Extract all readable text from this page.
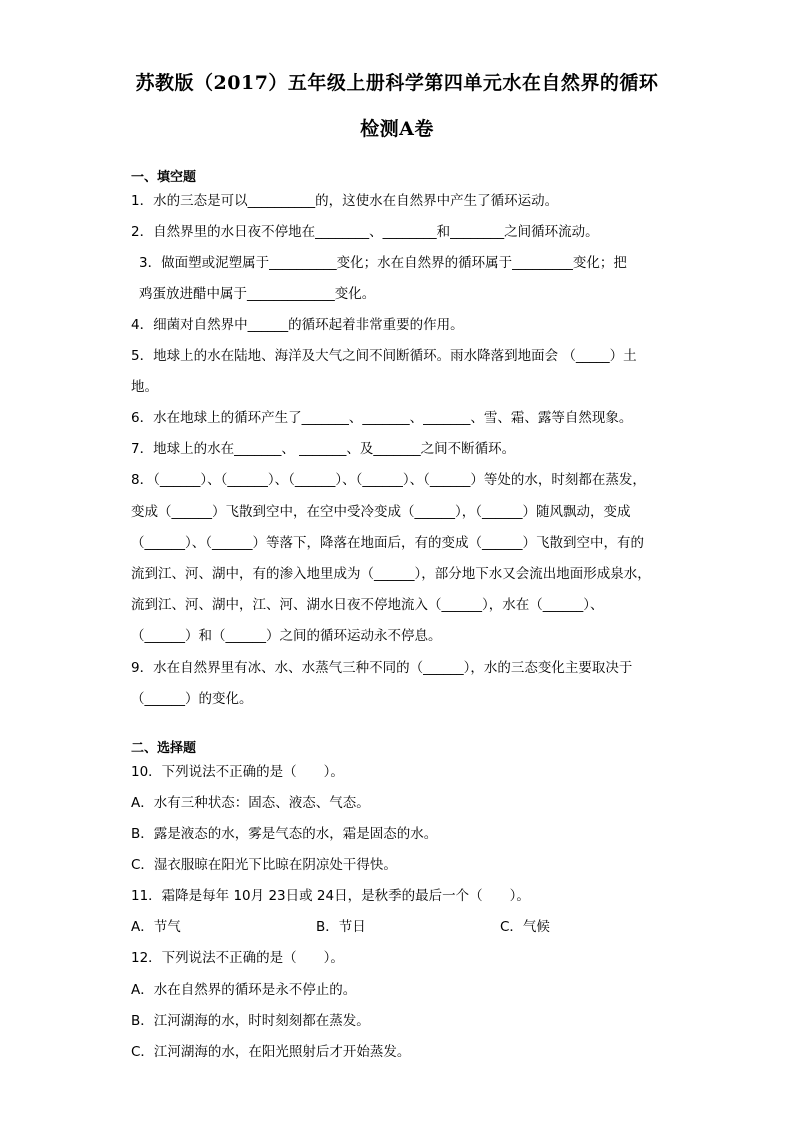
苏教版（2017）五年级上册科学第四单元水在自然界的循环
检测A卷
一、填空题
1．水的三态是可以__________的，这使水在自然界中产生了循环运动。
2．自然界里的水日夜不停地在________、________和________之间循环流动。
3．做面塑或泥塑属于__________变化；水在自然界的循环属于_________变化；把
鸡蛋放进醋中属于_____________变化。
4．细菌对自然界中______的循环起着非常重要的作用。
5．地球上的水在陆地、海洋及大气之间不间断循环。雨水降落到地面会 （_____）土
地。
6．水在地球上的循环产生了_______、_______、_______、雪、霜、露等自然现象。
7．地球上的水在_______、 _______、及_______之间不断循环。
8．（______）、（______）、（______）、（______）、（______）等处的水，时刻都在蒸发，
变成（______）飞散到空中，在空中受冷变成（______），（______）随风飘动，变成
（______）、（______）等落下，降落在地面后，有的变成（______）飞散到空中，有的
流到江、河、湖中，有的渗入地里成为（______），部分地下水又会流出地面形成泉水，
流到江、河、湖中，江、河、湖水日夜不停地流入（______），水在（______）、
（______）和（______）之间的循环运动永不停息。
9．水在自然界里有冰、水、水蒸气三种不同的（______），水的三态变化主要取决于
（______）的变化。
二、选择题
10．下列说法不正确的是（　　）。
A．水有三种状态：固态、液态、气态。
B．露是液态的水，雾是气态的水，霜是固态的水。
C．湿衣服晾在阳光下比晾在阴凉处干得快。
11．霜降是每年 10月 23日或 24日，是秋季的最后一个（　　）。
A．节气	B．节日	C．气候
12．下列说法不正确的是（　　）。
A．水在自然界的循环是永不停止的。
B．江河湖海的水，时时刻刻都在蒸发。
C．江河湖海的水，在阳光照射后才开始蒸发。
